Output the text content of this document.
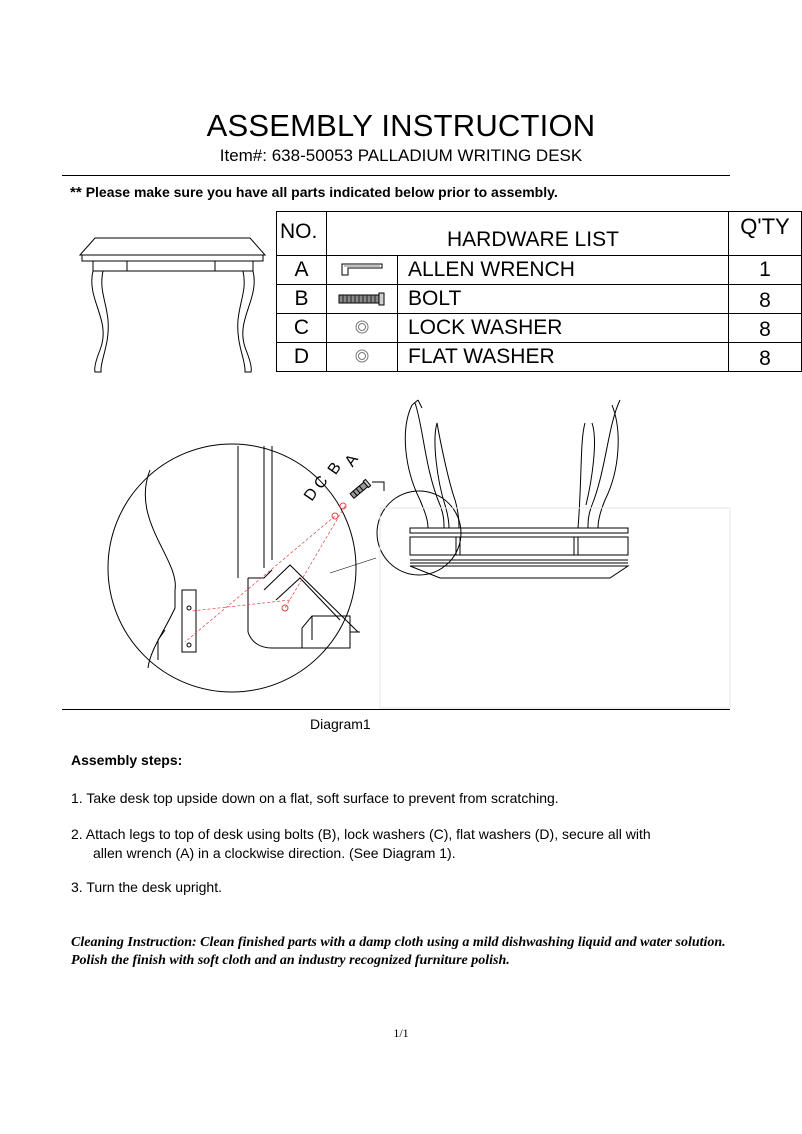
ASSEMBLY INSTRUCTION
Item#: 638-50053 PALLADIUM WRITING DESK
** Please make sure you have all parts indicated below prior to assembly.
NO.	HARDWARE LIST		Q'TY
A		ALLEN WRENCH	1
B		BOLT	8
C		LOCK WASHER	8
D		FLAT WASHER	8
D
C
B
A
Diagram1
Assembly steps:
1. Take desk top upside down on a flat, soft surface to prevent from scratching.
2. Attach legs to top of desk using bolts (B), lock washers (C), flat washers (D), secure all with
allen wrench (A) in a clockwise direction. (See Diagram 1).
3. Turn the desk upright.
Cleaning Instruction: Clean finished parts with a damp cloth using a mild dishwashing liquid and water solution. Polish the finish with soft cloth and an industry recognized furniture polish.
1/1
